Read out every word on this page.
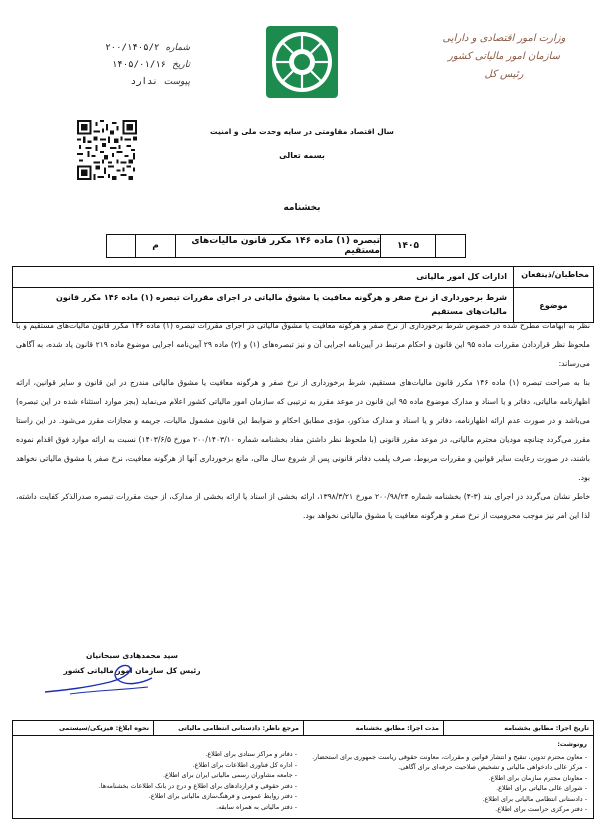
شماره
۲۰۰/۱۴۰۵/۲
تاریخ
۱۴۰۵/۰۱/۱۶
پیوست
ندارد
وزارت امور اقتصادی و دارایی
سازمان امور مالیاتی کشور
رئیس کل
سال اقتصاد مقاومتی در سایه وحدت ملی و امنیت
بسمه تعالی
بخشنامه
۱۴۰۵
تبصره (۱) ماده ۱۴۶ مکرر قانون مالیات‌های مستقیم
م
مخاطبان/ذینفعان
ادارات کل امور مالیاتی
موضوع
شرط برخورداری از نرخ صفر و هرگونه معافیت یا مشوق مالیاتی در اجرای مقررات تبصره (۱) ماده ۱۴۶ مکرر قانون مالیات‌های مستقیم

نظر به ابهامات مطرح شده در خصوص شرط برخورداری از نرخ صفر و هرگونه معافیت یا مشوق مالیاتی در اجرای مقررات تبصره (۱) ماده ۱۴۶ مکرر قانون مالیات‌های مستقیم و با ملحوظ نظر قراردادن مقررات ماده ۹۵ این قانون و احکام مرتبط در آیین‌نامه اجرایی آن و نیز تبصره‌های (۱) و (۲) ماده ۲۹ آیین‌نامه اجرایی موضوع ماده ۲۱۹ قانون یاد شده، به آگاهی می‌رساند:

بنا به صراحت تبصره (۱) ماده ۱۴۶ مکرر قانون مالیات‌های مستقیم، شرط برخورداری از نرخ صفر و هرگونه معافیت یا مشوق مالیاتی مندرج در این قانون و سایر قوانین، ارائه اظهارنامه مالیاتی، دفاتر و یا اسناد و مدارک موضوع ماده ۹۵ این قانون در موعد مقرر به ترتیبی که سازمان امور مالیاتی کشور اعلام می‌نماید (بجز موارد استثناء شده در این تبصره) می‌باشد و در صورت عدم ارائه اظهارنامه، دفاتر و یا اسناد و مدارک مذکور، مؤدی مطابق احکام و ضوابط این قانون مشمول مالیات، جریمه و مجازات مقرر می‌شود. در این راستا مقرر می‌گردد چنانچه مودیان محترم مالیاتی، در موعد مقرر قانونی (با ملحوظ نظر داشتن مفاد بخشنامه شماره ۲۰۰/۱۴۰۳/۱۰ مورخ ۱۴۰۳/۶/۵) نسبت به ارائه موارد فوق اقدام نموده باشند، در صورت رعایت سایر قوانین و مقررات مربوط، صرف پلمب دفاتر قانونی پس از شروع سال مالی، مانع برخورداری آنها از هرگونه معافیت، نرخ صفر یا مشوق مالیاتی نخواهد بود.

خاطر نشان می‌گردد در اجرای بند (۳-۴) بخشنامه شماره ۲۰۰/۹۸/۲۴ مورخ ۱۳۹۸/۳/۲۱، ارائه بخشی از اسناد یا ارائه بخشی از مدارک، از حیث مقررات تبصره صدرالذکر کفایت داشته، لذا این امر نیز موجب محرومیت از نرخ صفر و هرگونه معافیت یا مشوق مالیاتی نخواهد بود.

سید محمدهادی سبحانیان
رئیس کل سازمان امور مالیاتی کشور
تاریخ اجرا: مطابق بخشنامه
مدت اجرا: مطابق بخشنامه
مرجع ناظر: دادستانی انتظامی مالیاتی
نحوه ابلاغ: فیزیکی/سیستمی
رونوشت:
- معاون محترم تدوین، تنقیح و انتشار قوانین و مقررات، معاونت حقوقی ریاست جمهوری برای استحضار.
- مرکز عالی دادخواهی مالیاتی و تشخیص صلاحیت حرفه‌ای برای آگاهی.
- معاونان محترم سازمان برای اطلاع.
- شورای عالی مالیاتی برای اطلاع.
- دادستانی انتظامی مالیاتی برای اطلاع.
- دفتر مرکزی حراست برای اطلاع.
- دفاتر و مراکز ستادی برای اطلاع.
- اداره کل فناوری اطلاعات برای اطلاع.
- جامعه مشاوران رسمی مالیاتی ایران برای اطلاع.
- دفتر حقوقی و قراردادهای برای اطلاع و درج در بانک اطلاعات بخشنامه‌ها.
- دفتر روابط عمومی و فرهنگ‌سازی مالیاتی برای اطلاع.
- دفتر مالیاتی به همراه سابقه.
